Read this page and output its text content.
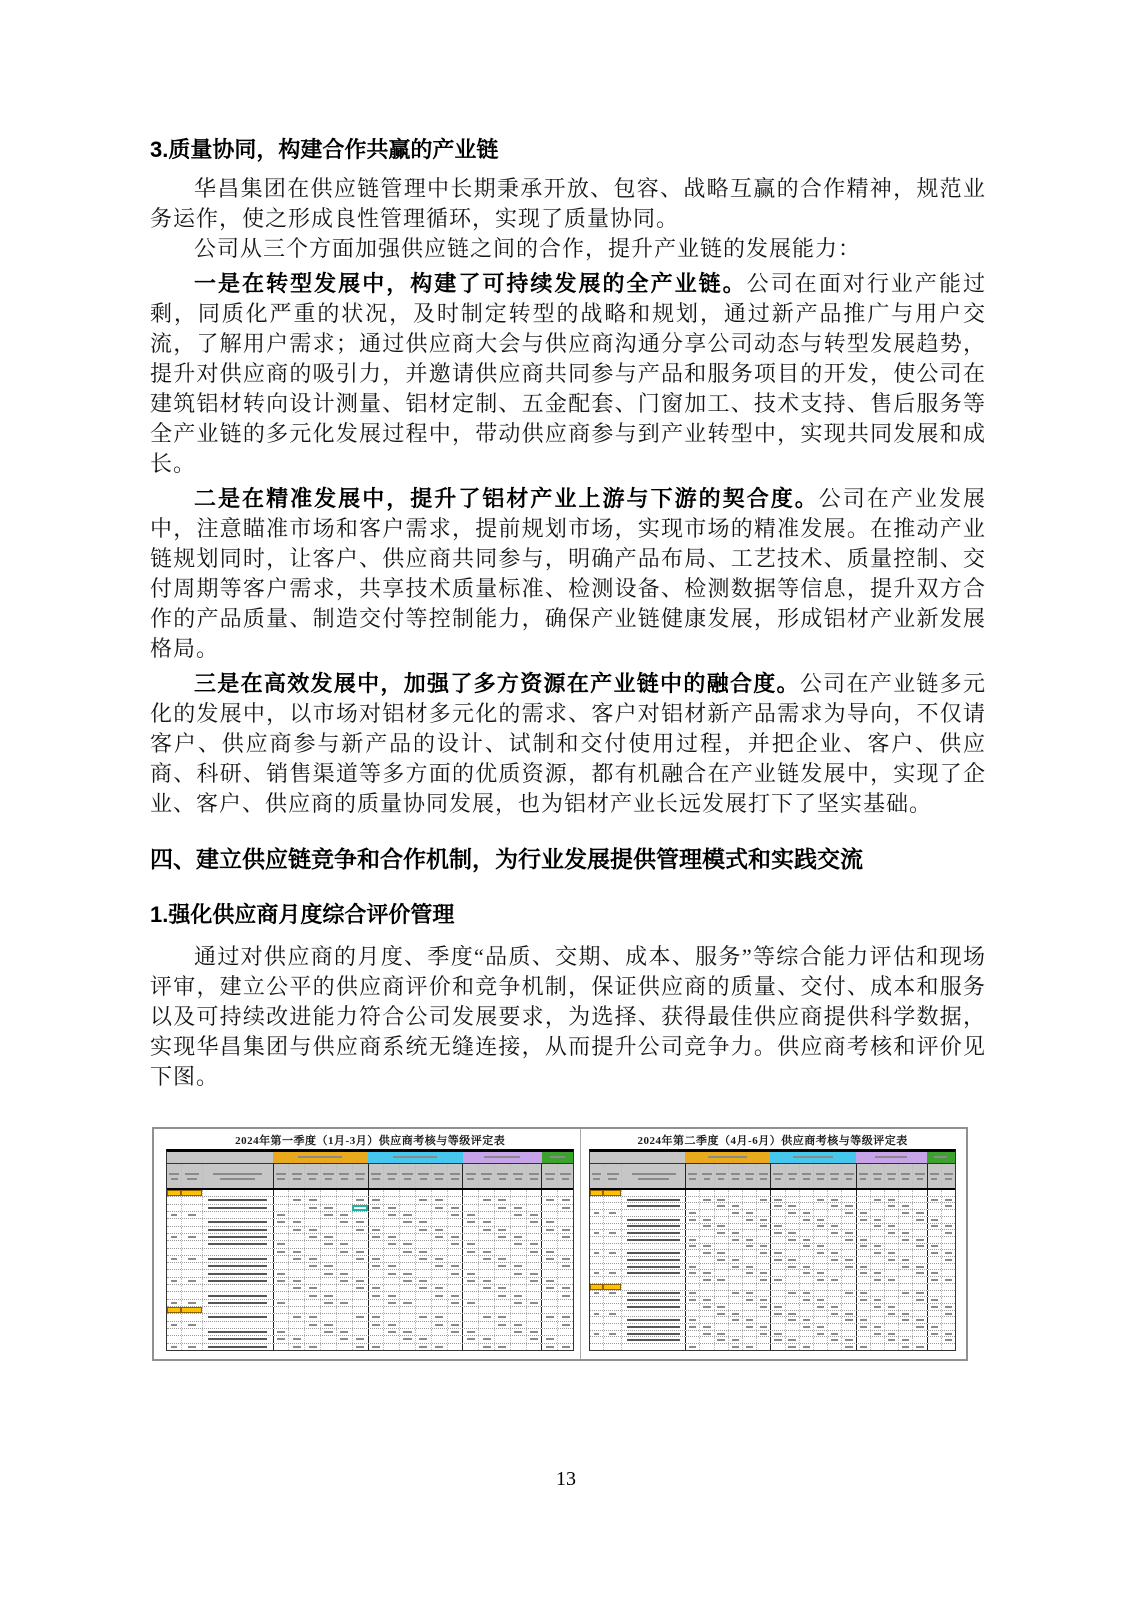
3.质量协同，构建合作共赢的产业链

华昌集团在供应链管理中长期秉承开放、包容、战略互赢的合作精神，规范业务运作，使之形成良性管理循环，实现了质量协同。

公司从三个方面加强供应链之间的合作，提升产业链的发展能力：

一是在转型发展中，构建了可持续发展的全产业链。公司在面对行业产能过剩，同质化严重的状况，及时制定转型的战略和规划，通过新产品推广与用户交流，了解用户需求；通过供应商大会与供应商沟通分享公司动态与转型发展趋势，提升对供应商的吸引力，并邀请供应商共同参与产品和服务项目的开发，使公司在建筑铝材转向设计测量、铝材定制、五金配套、门窗加工、技术支持、售后服务等全产业链的多元化发展过程中，带动供应商参与到产业转型中，实现共同发展和成长。

二是在精准发展中，提升了铝材产业上游与下游的契合度。公司在产业发展中，注意瞄准市场和客户需求，提前规划市场，实现市场的精准发展。在推动产业链规划同时，让客户、供应商共同参与，明确产品布局、工艺技术、质量控制、交付周期等客户需求，共享技术质量标准、检测设备、检测数据等信息，提升双方合作的产品质量、制造交付等控制能力，确保产业链健康发展，形成铝材产业新发展格局。

三是在高效发展中，加强了多方资源在产业链中的融合度。公司在产业链多元化的发展中，以市场对铝材多元化的需求、客户对铝材新产品需求为导向，不仅请客户、供应商参与新产品的设计、试制和交付使用过程，并把企业、客户、供应商、科研、销售渠道等多方面的优质资源，都有机融合在产业链发展中，实现了企业、客户、供应商的质量协同发展，也为铝材产业长远发展打下了坚实基础。

四、建立供应链竞争和合作机制，为行业发展提供管理模式和实践交流
1.强化供应商月度综合评价管理

通过对供应商的月度、季度“品质、交期、成本、服务”等综合能力评估和现场评审，建立公平的供应商评价和竞争机制，保证供应商的质量、交付、成本和服务以及可持续改进能力符合公司发展要求，为选择、获得最佳供应商提供科学数据，实现华昌集团与供应商系统无缝连接，从而提升公司竞争力。供应商考核和评价见下图。

2024年第一季度（1月-3月）供应商考核与等级评定表	2024年第二季度（4月-6月）供应商考核与等级评定表
13
